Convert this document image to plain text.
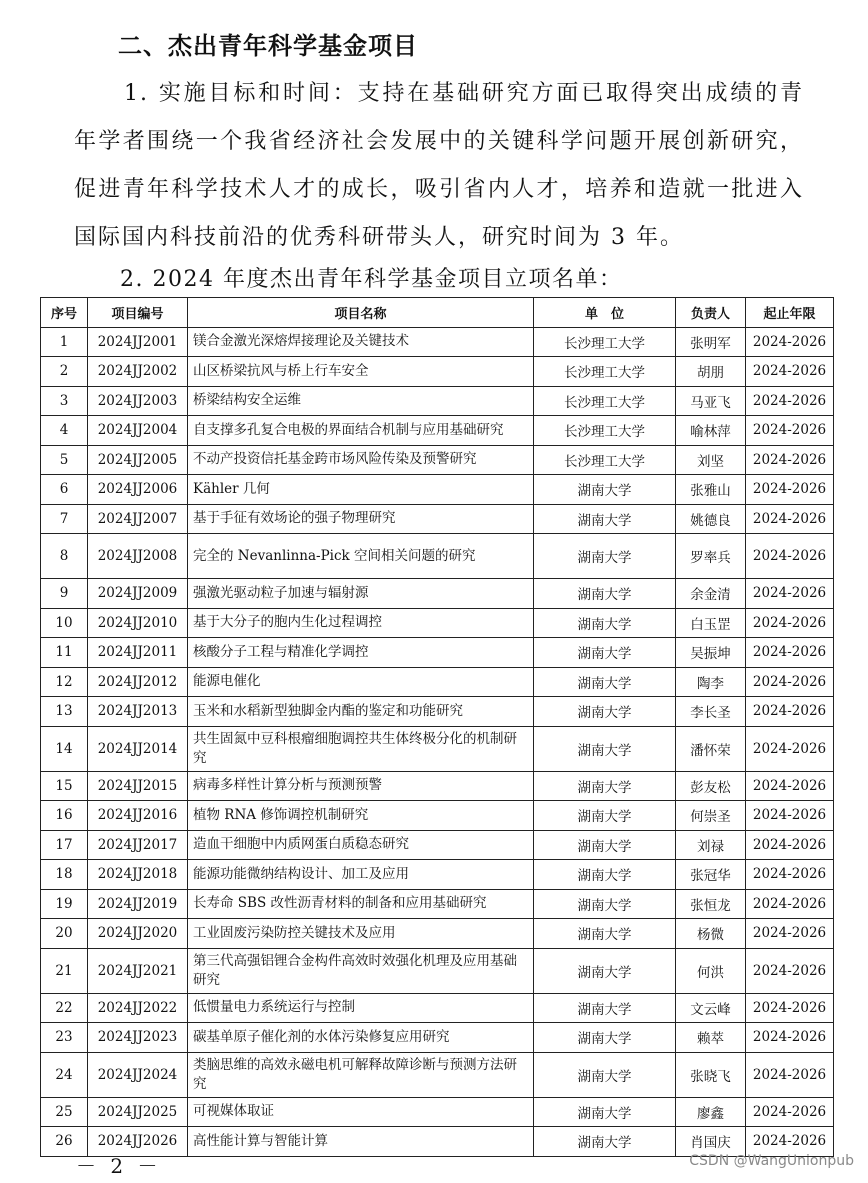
二、杰出青年科学基金项目
1. 实施目标和时间：支持在基础研究方面已取得突出成绩的青年学者围绕一个我省经济社会发展中的关键科学问题开展创新研究，促进青年科学技术人才的成长，吸引省内人才，培养和造就一批进入国际国内科技前沿的优秀科研带头人，研究时间为 3 年。
2. 2024 年度杰出青年科学基金项目立项名单：
序号	项目编号	项目名称	单　位	负责人	起止年限
1	2024JJ2001	镁合金激光深熔焊接理论及关键技术	长沙理工大学	张明军	2024-2026
2	2024JJ2002	山区桥梁抗风与桥上行车安全	长沙理工大学	胡朋	2024-2026
3	2024JJ2003	桥梁结构安全运维	长沙理工大学	马亚飞	2024-2026
4	2024JJ2004	自支撑多孔复合电极的界面结合机制与应用基础研究	长沙理工大学	喻林萍	2024-2026
5	2024JJ2005	不动产投资信托基金跨市场风险传染及预警研究	长沙理工大学	刘坚	2024-2026
6	2024JJ2006	Kähler 几何	湖南大学	张雅山	2024-2026
7	2024JJ2007	基于手征有效场论的强子物理研究	湖南大学	姚德良	2024-2026
8	2024JJ2008	完全的 Nevanlinna-Pick 空间相关问题的研究	湖南大学	罗率兵	2024-2026
9	2024JJ2009	强激光驱动粒子加速与辐射源	湖南大学	余金清	2024-2026
10	2024JJ2010	基于大分子的胞内生化过程调控	湖南大学	白玉罡	2024-2026
11	2024JJ2011	核酸分子工程与精准化学调控	湖南大学	吴振坤	2024-2026
12	2024JJ2012	能源电催化	湖南大学	陶李	2024-2026
13	2024JJ2013	玉米和水稻新型独脚金内酯的鉴定和功能研究	湖南大学	李长圣	2024-2026
14	2024JJ2014	共生固氮中豆科根瘤细胞调控共生体终极分化的机制研究	湖南大学	潘怀荣	2024-2026
15	2024JJ2015	病毒多样性计算分析与预测预警	湖南大学	彭友松	2024-2026
16	2024JJ2016	植物 RNA 修饰调控机制研究	湖南大学	何崇圣	2024-2026
17	2024JJ2017	造血干细胞中内质网蛋白质稳态研究	湖南大学	刘禄	2024-2026
18	2024JJ2018	能源功能微纳结构设计、加工及应用	湖南大学	张冠华	2024-2026
19	2024JJ2019	长寿命 SBS 改性沥青材料的制备和应用基础研究	湖南大学	张恒龙	2024-2026
20	2024JJ2020	工业固废污染防控关键技术及应用	湖南大学	杨微	2024-2026
21	2024JJ2021	第三代高强铝锂合金构件高效时效强化机理及应用基础研究	湖南大学	何洪	2024-2026
22	2024JJ2022	低惯量电力系统运行与控制	湖南大学	文云峰	2024-2026
23	2024JJ2023	碳基单原子催化剂的水体污染修复应用研究	湖南大学	赖萃	2024-2026
24	2024JJ2024	类脑思维的高效永磁电机可解释故障诊断与预测方法研究	湖南大学	张晓飞	2024-2026
25	2024JJ2025	可视媒体取证	湖南大学	廖鑫	2024-2026
26	2024JJ2026	高性能计算与智能计算	湖南大学	肖国庆	2024-2026
－ 2 －	CSDN @WangUnionpub
